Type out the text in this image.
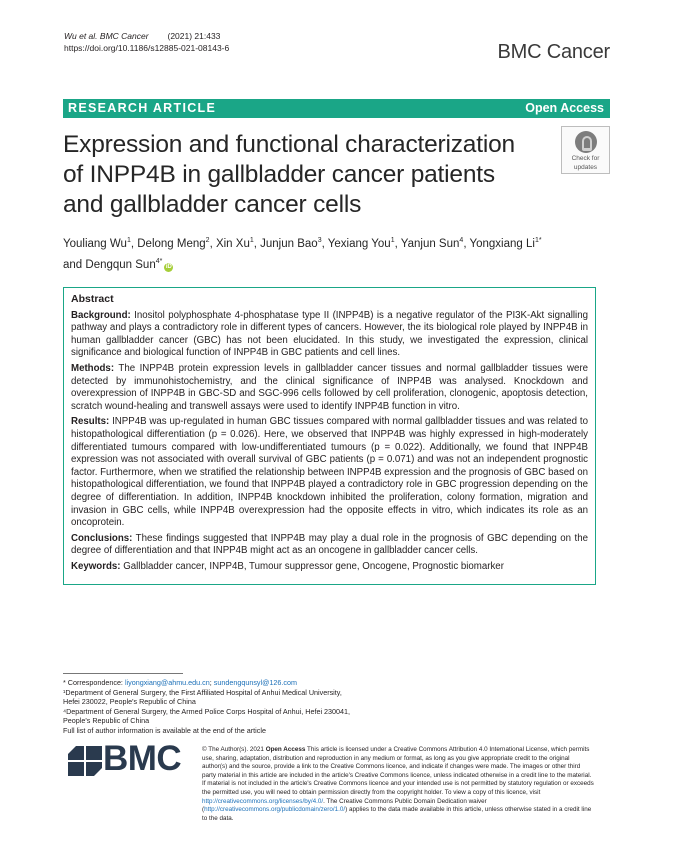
Wu et al. BMC Cancer (2021) 21:433
https://doi.org/10.1186/s12885-021-08143-6	BMC Cancer
RESEARCH ARTICLE	Open Access
Expression and functional characterization of INPP4B in gallbladder cancer patients and gallbladder cancer cells
Check for
updates
Youliang Wu$^1$, Delong Meng$^2$, Xin Xu$^1$, Junjun Bao$^3$, Yexiang You$^1$, Yanjun Sun$^4$, Yongxiang $Li^{1*}$ and Dengqun Sun$^{4*}$iD
Abstract

Background: Inositol polyphosphate 4-phosphatase type II (INPP4B) is a negative regulator of the PI3K-Akt signalling pathway and plays a contradictory role in different types of cancers. However, the its biological role played by INPP4B in human gallbladder cancer (GBC) has not been elucidated. In this study, we investigated the expression, clinical significance and biological function of INPP4B in GBC patients and cell lines.

Methods: The INPP4B protein expression levels in gallbladder cancer tissues and normal gallbladder tissues were detected by immunohistochemistry, and the clinical significance of INPP4B was analysed. Knockdown and overexpression of INPP4B in GBC-SD and SGC-996 cells followed by cell proliferation, clonogenic, apoptosis detection, scratch wound-healing and transwell assays were used to identify INPP4B function in vitro.

Results: INPP4B was up-regulated in human GBC tissues compared with normal gallbladder tissues and was related to histopathological differentiation (p = 0.026). Here, we observed that INPP4B was highly expressed in high-moderately differentiated tumours compared with low-undifferentiated tumours (p = 0.022). Additionally, we found that INPP4B expression was not associated with overall survival of GBC patients (p = 0.071) and was not an independent prognostic factor. Furthermore, when we stratified the relationship between INPP4B expression and the prognosis of GBC based on histopathological differentiation, we found that INPP4B played a contradictory role in GBC progression depending on the degree of differentiation. In addition, INPP4B knockdown inhibited the proliferation, colony formation, migration and invasion in GBC cells, while INPP4B overexpression had the opposite effects in vitro, which indicates its role as an oncoprotein.

Conclusions: These findings suggested that INPP4B may play a dual role in the prognosis of GBC depending on the degree of differentiation and that INPP4B might act as an oncogene in gallbladder cancer cells.

Keywords: Gallbladder cancer, INPP4B, Tumour suppressor gene, Oncogene, Prognostic biomarker

* Correspondence: liyongxiang@ahmu.edu.cn; sundengqunsyl@126.com
¹Department of General Surgery, the First Affiliated Hospital of Anhui Medical University, Hefei 230022, People's Republic of China
⁴Department of General Surgery, the Armed Police Corps Hospital of Anhui, Hefei 230041, People's Republic of China
Full list of author information is available at the end of the article
BMC	© The Author(s). 2021 Open Access This article is licensed under a Creative Commons Attribution 4.0 International License, which permits use, sharing, adaptation, distribution and reproduction in any medium or format, as long as you give appropriate credit to the original author(s) and the source, provide a link to the Creative Commons licence, and indicate if changes were made. The images or other third party material in this article are included in the article's Creative Commons licence, unless indicated otherwise in a credit line to the material. If material is not included in the article's Creative Commons licence and your intended use is not permitted by statutory regulation or exceeds the permitted use, you will need to obtain permission directly from the copyright holder. To view a copy of this licence, visit http://creativecommons.org/licenses/by/4.0/. The Creative Commons Public Domain Dedication waiver (http://creativecommons.org/publicdomain/zero/1.0/) applies to the data made available in this article, unless otherwise stated in a credit line to the data.
